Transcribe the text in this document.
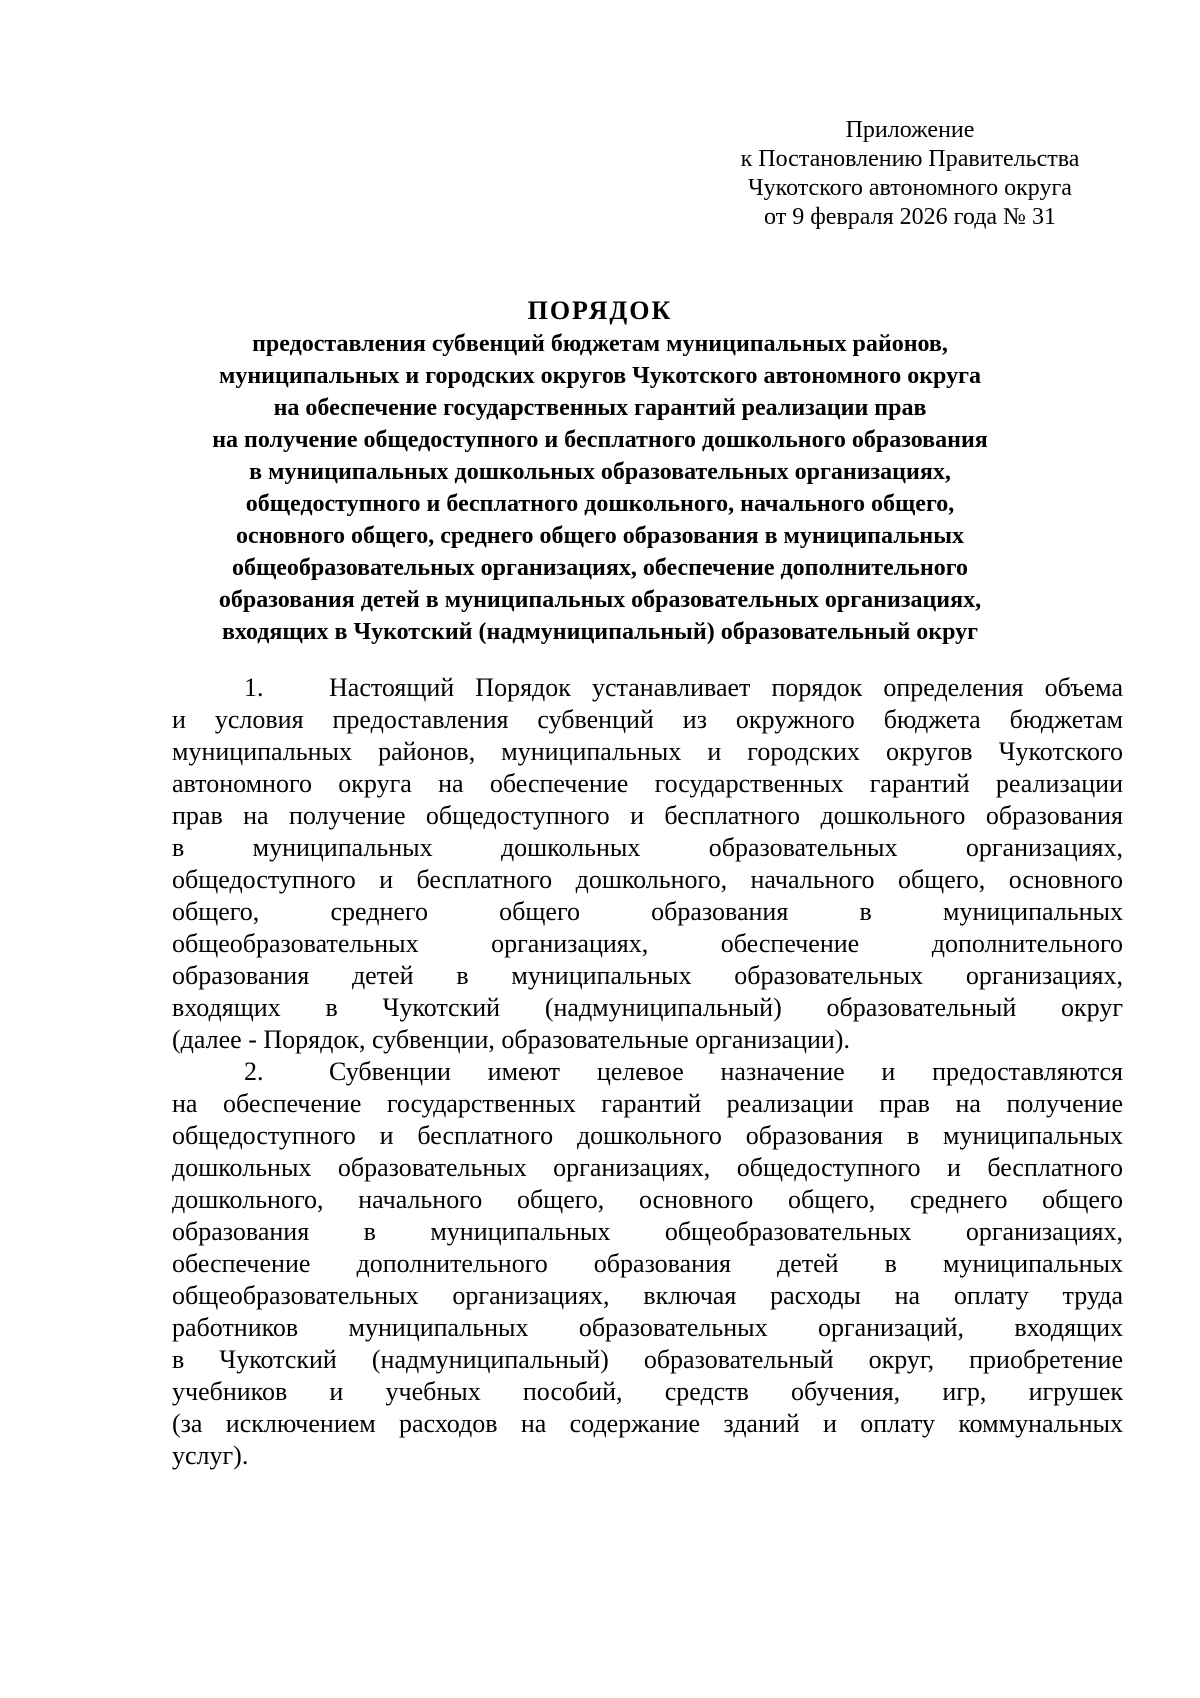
Приложение
к Постановлению Правительства
Чукотского автономного округа
от 9 февраля 2026 года № 31
ПОРЯДОК
предоставления субвенций бюджетам муниципальных районов,
муниципальных и городских округов Чукотского автономного округа
на обеспечение государственных гарантий реализации прав
на получение общедоступного и бесплатного дошкольного образования
в муниципальных дошкольных образовательных организациях,
общедоступного и бесплатного дошкольного, начального общего,
основного общего, среднего общего образования в муниципальных
общеобразовательных организациях, обеспечение дополнительного
образования детей в муниципальных образовательных организациях,
входящих в Чукотский (надмуниципальный) образовательный округ
1.	Настоящий Порядок устанавливает порядок определения объема
и условия предоставления субвенций из окружного бюджета бюджетам
муниципальных районов, муниципальных и городских округов Чукотского
автономного округа на обеспечение государственных гарантий реализации
прав на получение общедоступного и бесплатного дошкольного образования
в муниципальных дошкольных образовательных организациях,
общедоступного и бесплатного дошкольного, начального общего, основного
общего, среднего общего образования в муниципальных
общеобразовательных организациях, обеспечение дополнительного
образования детей в муниципальных образовательных организациях,
входящих в Чукотский (надмуниципальный) образовательный округ
(далее - Порядок, субвенции, образовательные организации).
2.	Субвенции имеют целевое назначение и предоставляются
на обеспечение государственных гарантий реализации прав на получение
общедоступного и бесплатного дошкольного образования в муниципальных
дошкольных образовательных организациях, общедоступного и бесплатного
дошкольного, начального общего, основного общего, среднего общего
образования в муниципальных общеобразовательных организациях,
обеспечение дополнительного образования детей в муниципальных
общеобразовательных организациях, включая расходы на оплату труда
работников муниципальных образовательных организаций, входящих
в Чукотский (надмуниципальный) образовательный округ, приобретение
учебников и учебных пособий, средств обучения, игр, игрушек
(за исключением расходов на содержание зданий и оплату коммунальных
услуг).
